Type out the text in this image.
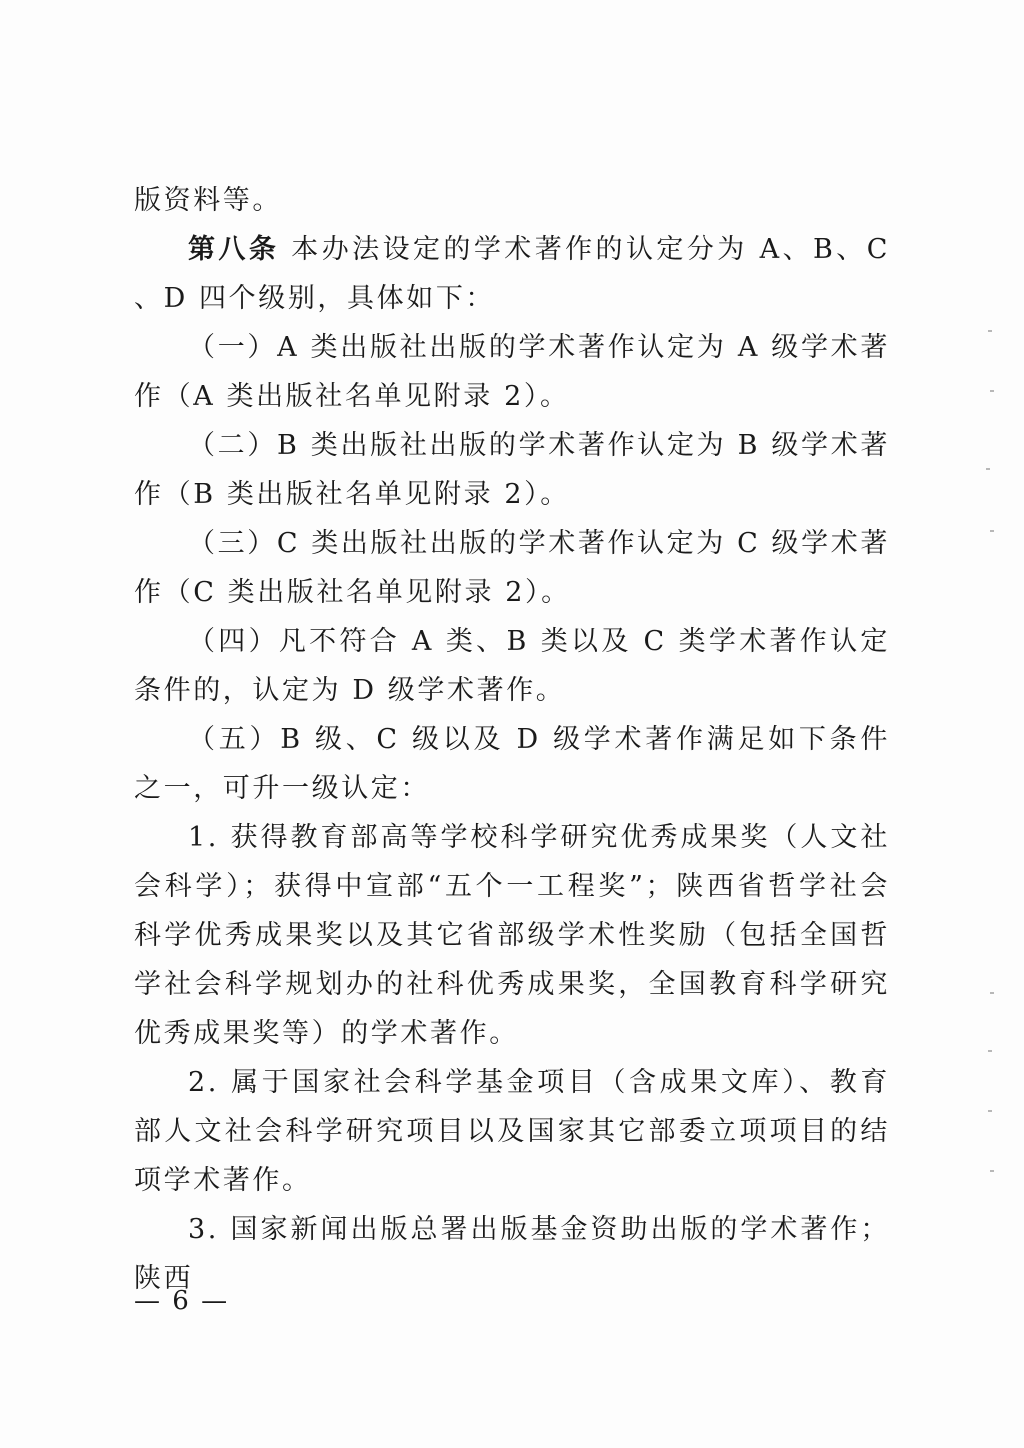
版资料等。

第八条 本办法设定的学术著作的认定分为 A、B、C、D 四个级别，具体如下：

（一）A 类出版社出版的学术著作认定为 A 级学术著作（A 类出版社名单见附录 2）。

（二）B 类出版社出版的学术著作认定为 B 级学术著作（B 类出版社名单见附录 2）。

（三）C 类出版社出版的学术著作认定为 C 级学术著作（C 类出版社名单见附录 2）。

（四）凡不符合 A 类、B 类以及 C 类学术著作认定条件的，认定为 D 级学术著作。

（五）B 级、C 级以及 D 级学术著作满足如下条件之一，可升一级认定：

1. 获得教育部高等学校科学研究优秀成果奖（人文社会科学）；获得中宣部“五个一工程奖”；陕西省哲学社会科学优秀成果奖以及其它省部级学术性奖励（包括全国哲学社会科学规划办的社科优秀成果奖，全国教育科学研究优秀成果奖等）的学术著作。

2. 属于国家社会科学基金项目（含成果文库）、教育部人文社会科学研究项目以及国家其它部委立项项目的结项学术著作。

3. 国家新闻出版总署出版基金资助出版的学术著作；陕西

— 6 —
